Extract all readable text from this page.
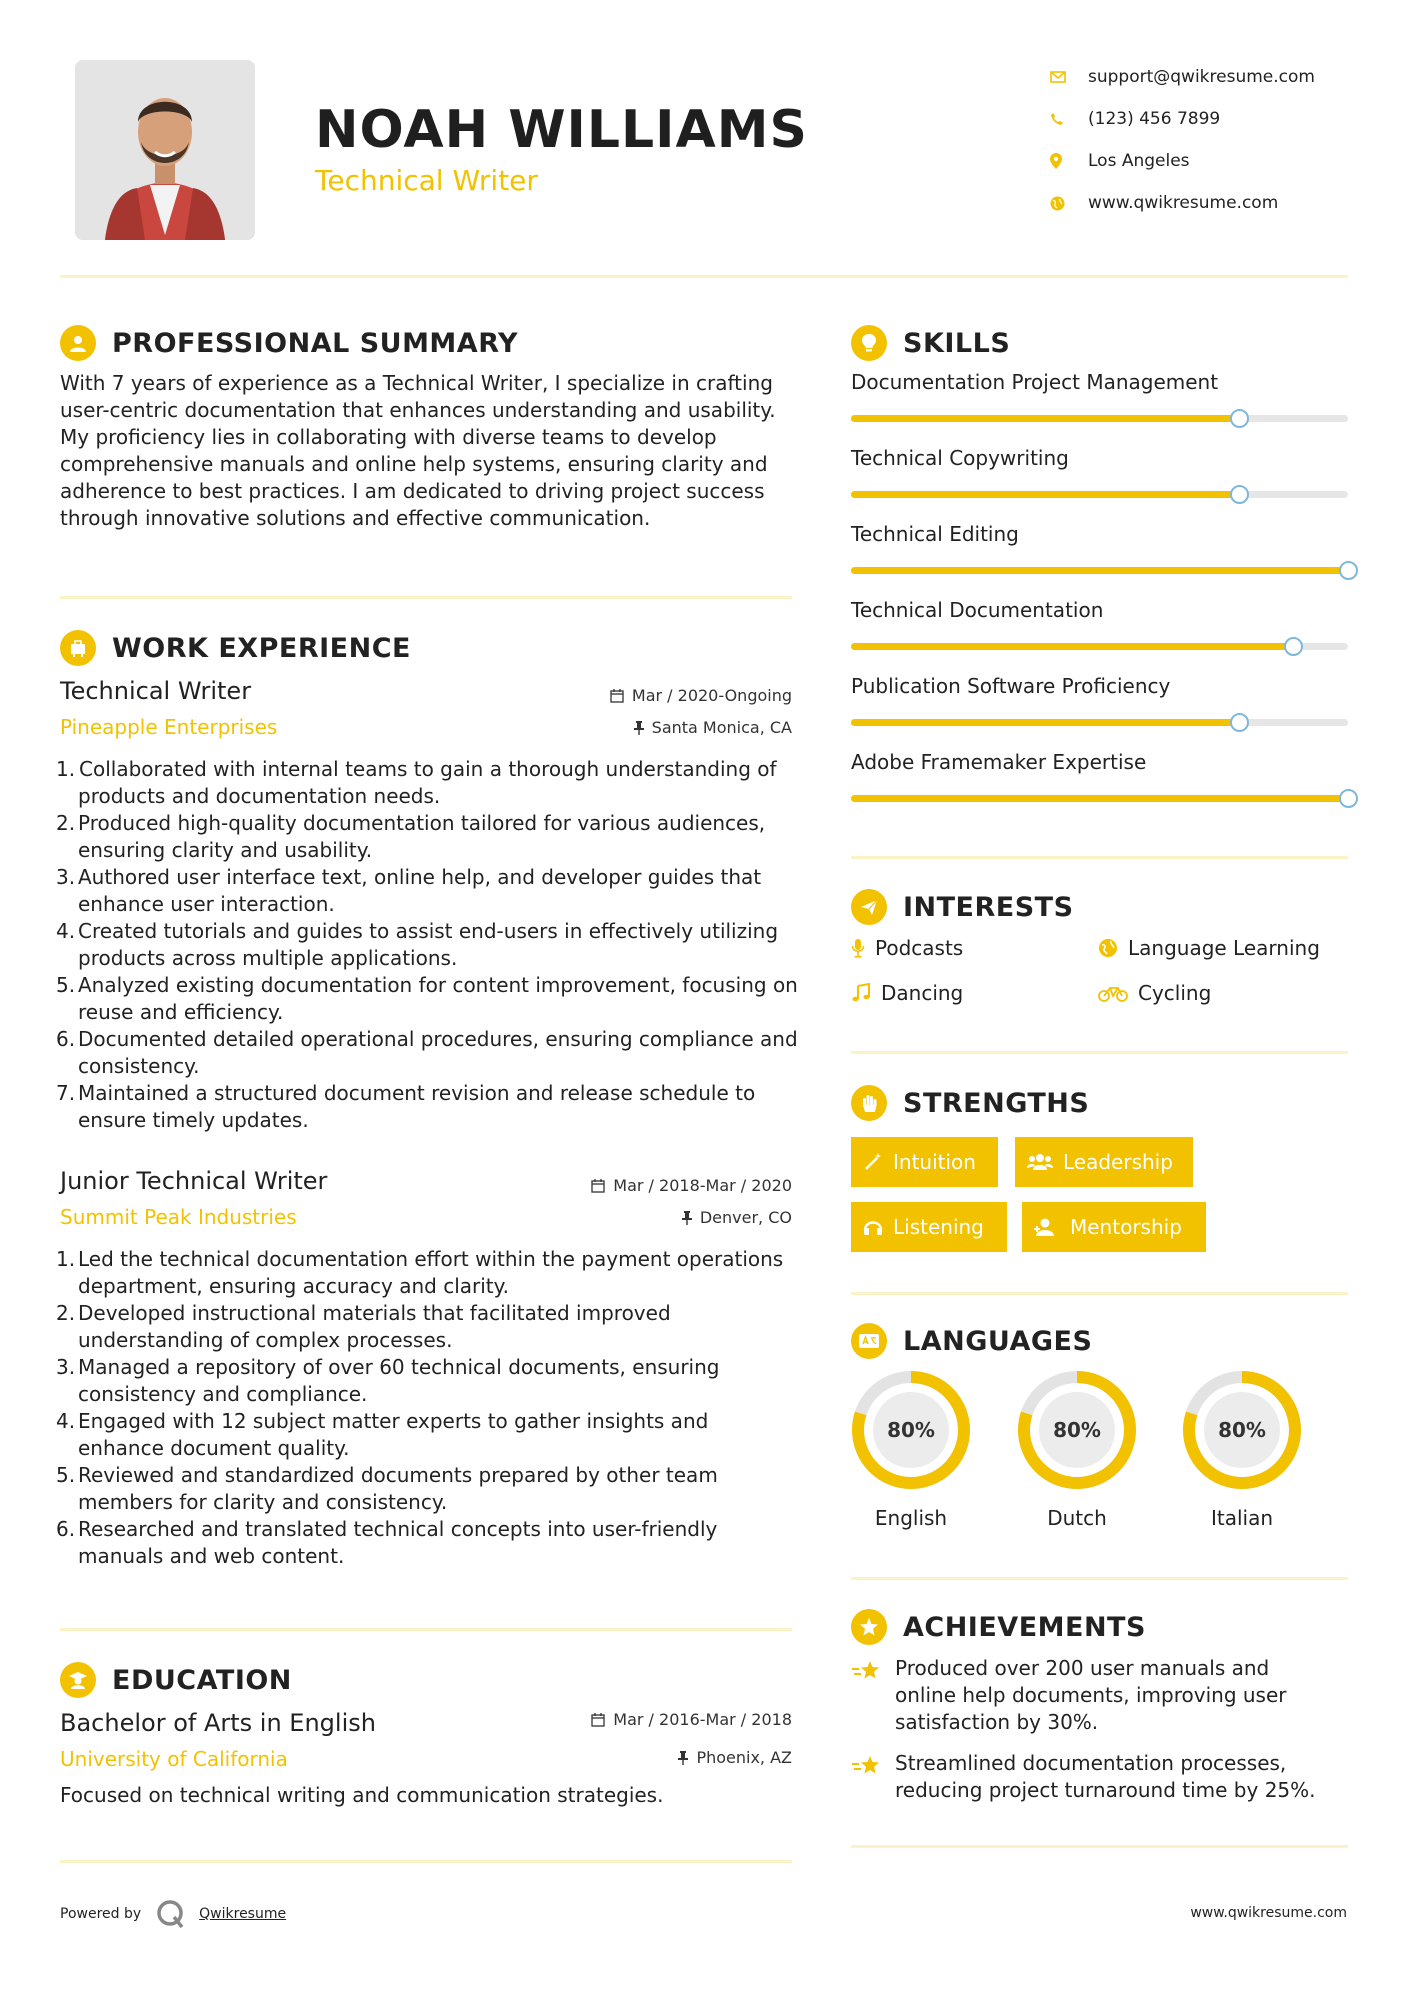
NOAH WILLIAMS
Technical Writer
support@qwikresume.com
(123) 456 7899
Los Angeles
www.qwikresume.com
PROFESSIONAL SUMMARY
With 7 years of experience as a Technical Writer, I specialize in crafting user-centric documentation that enhances understanding and usability. My proficiency lies in collaborating with diverse teams to develop comprehensive manuals and online help systems, ensuring clarity and adherence to best practices. I am dedicated to driving project success through innovative solutions and effective communication.
WORK EXPERIENCE
Technical Writer
Pineapple Enterprises
Mar / 2020-Ongoing
Santa Monica, CA
1. Collaborated with internal teams to gain a thorough understanding of products and documentation needs.
2. Produced high-quality documentation tailored for various audiences, ensuring clarity and usability.
3. Authored user interface text, online help, and developer guides that enhance user interaction.
4. Created tutorials and guides to assist end-users in effectively utilizing products across multiple applications.
5. Analyzed existing documentation for content improvement, focusing on reuse and efficiency.
6. Documented detailed operational procedures, ensuring compliance and consistency.
7. Maintained a structured document revision and release schedule to ensure timely updates.
Junior Technical Writer
Summit Peak Industries
Mar / 2018-Mar / 2020
Denver, CO
1. Led the technical documentation effort within the payment operations department, ensuring accuracy and clarity.
2. Developed instructional materials that facilitated improved understanding of complex processes.
3. Managed a repository of over 60 technical documents, ensuring consistency and compliance.
4. Engaged with 12 subject matter experts to gather insights and enhance document quality.
5. Reviewed and standardized documents prepared by other team members for clarity and consistency.
6. Researched and translated technical concepts into user-friendly manuals and web content.
EDUCATION
Bachelor of Arts in English
University of California
Mar / 2016-Mar / 2018
Phoenix, AZ
Focused on technical writing and communication strategies.
SKILLS
Documentation Project Management
Technical Copywriting
Technical Editing
Technical Documentation
Publication Software Proficiency
Adobe Framemaker Expertise
INTERESTS
Podcasts	Language Learning
Dancing	Cycling
STRENGTHS
Intuition	Leadership
Listening	Mentorship
LANGUAGES
80%
English
80%
Dutch
80%
Italian
ACHIEVEMENTS
Produced over 200 user manuals and online help documents, improving user satisfaction by 30%.
Streamlined documentation processes, reducing project turnaround time by 25%.
Powered by	Qwikresume	www.qwikresume.com
